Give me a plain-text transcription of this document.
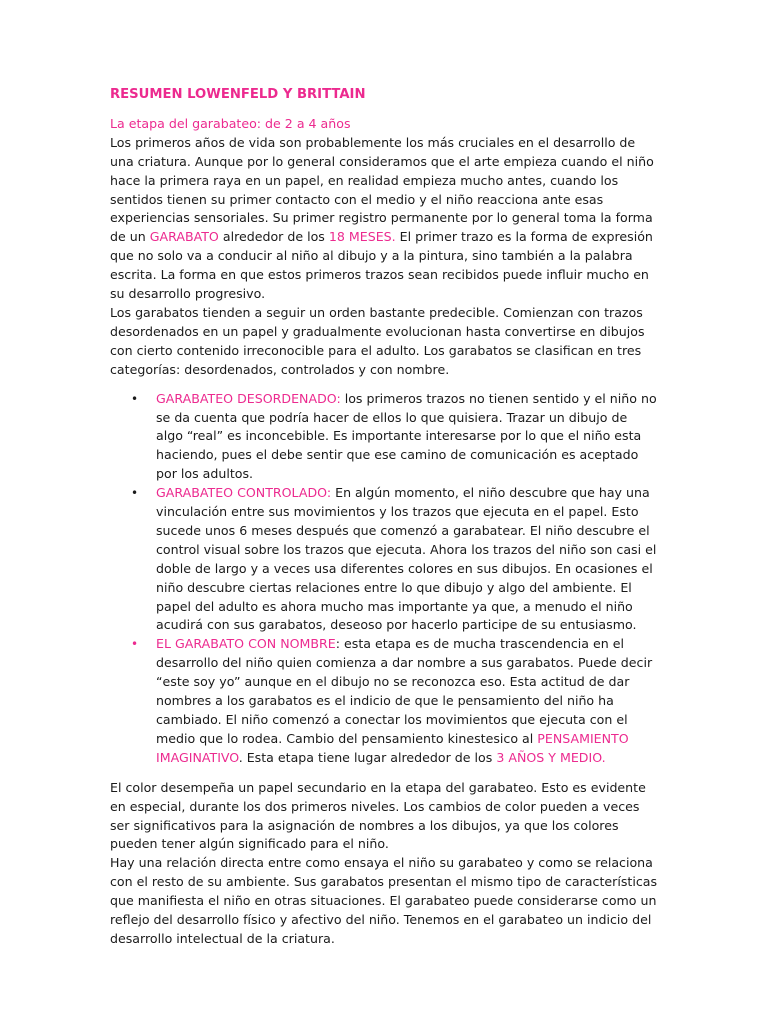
RESUMEN LOWENFELD Y BRITTAIN

La etapa del garabateo: de 2 a 4 años

Los primeros años de vida son probablemente los más cruciales en el desarrollo de una criatura. Aunque por lo general consideramos que el arte empieza cuando el niño hace la primera raya en un papel, en realidad empieza mucho antes, cuando los sentidos tienen su primer contacto con el medio y el niño reacciona ante esas experiencias sensoriales. Su primer registro permanente por lo general toma la forma de un GARABATO alrededor de los 18 MESES. El primer trazo es la forma de expresión que no solo va a conducir al niño al dibujo y a la pintura, sino también a la palabra escrita. La forma en que estos primeros trazos sean recibidos puede influir mucho en su desarrollo progresivo.

Los garabatos tienden a seguir un orden bastante predecible. Comienzan con trazos desordenados en un papel y gradualmente evolucionan hasta convertirse en dibujos con cierto contenido irreconocible para el adulto. Los garabatos se clasifican en tres categorías: desordenados, controlados y con nombre.

• GARABATEO DESORDENADO: los primeros trazos no tienen sentido y el niño no se da cuenta que podría hacer de ellos lo que quisiera. Trazar un dibujo de algo “real” es inconcebible. Es importante interesarse por lo que el niño esta haciendo, pues el debe sentir que ese camino de comunicación es aceptado por los adultos.
• GARABATEO CONTROLADO: En algún momento, el niño descubre que hay una vinculación entre sus movimientos y los trazos que ejecuta en el papel. Esto sucede unos 6 meses después que comenzó a garabatear. El niño descubre el control visual sobre los trazos que ejecuta. Ahora los trazos del niño son casi el doble de largo y a veces usa diferentes colores en sus dibujos. En ocasiones el niño descubre ciertas relaciones entre lo que dibujo y algo del ambiente. El papel del adulto es ahora mucho mas importante ya que, a menudo el niño acudirá con sus garabatos, deseoso por hacerlo participe de su entusiasmo.
• EL GARABATO CON NOMBRE: esta etapa es de mucha trascendencia en el desarrollo del niño quien comienza a dar nombre a sus garabatos. Puede decir “este soy yo” aunque en el dibujo no se reconozca eso. Esta actitud de dar nombres a los garabatos es el indicio de que le pensamiento del niño ha cambiado. El niño comenzó a conectar los movimientos que ejecuta con el medio que lo rodea. Cambio del pensamiento kinestesico al PENSAMIENTO IMAGINATIVO. Esta etapa tiene lugar alrededor de los 3 AÑOS Y MEDIO.

El color desempeña un papel secundario en la etapa del garabateo. Esto es evidente en especial, durante los dos primeros niveles. Los cambios de color pueden a veces ser significativos para la asignación de nombres a los dibujos, ya que los colores pueden tener algún significado para el niño.

Hay una relación directa entre como ensaya el niño su garabateo y como se relaciona con el resto de su ambiente. Sus garabatos presentan el mismo tipo de características que manifiesta el niño en otras situaciones. El garabateo puede considerarse como un reflejo del desarrollo físico y afectivo del niño. Tenemos en el garabateo un indicio del desarrollo intelectual de la criatura.
